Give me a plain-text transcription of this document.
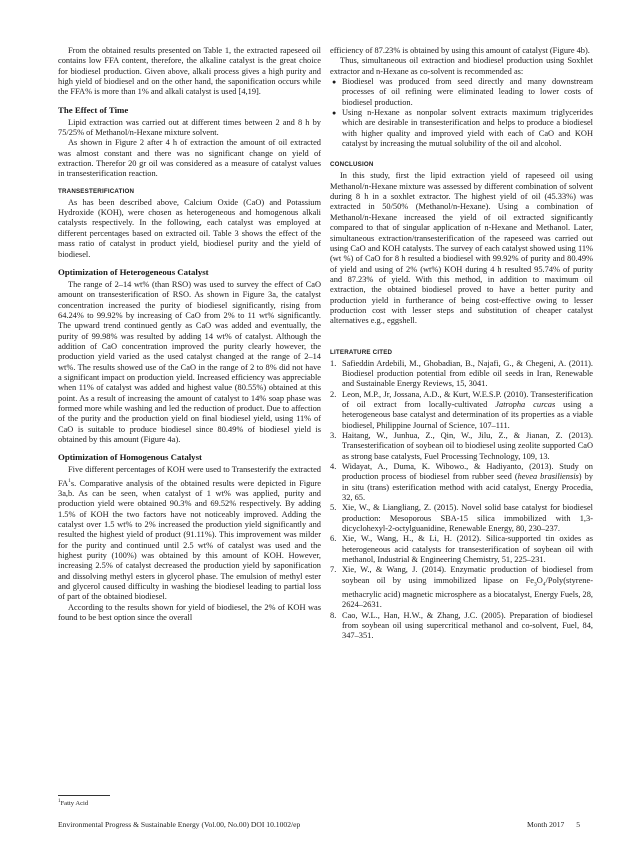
From the obtained results presented on Table 1, the extracted rapeseed oil contains low FFA content, therefore, the alkaline catalyst is the great choice for biodiesel production. Given above, alkali process gives a high purity and high yield of biodiesel and on the other hand, the saponification occurs while the FFA% is more than 1% and alkali catalyst is used [4,19].

The Effect of Time

Lipid extraction was carried out at different times between 2 and 8 h by 75/25% of Methanol/n-Hexane mixture solvent.

As shown in Figure 2 after 4 h of extraction the amount of oil extracted was almost constant and there was no significant change on yield of extraction. Therefor 20 gr oil was considered as a measure of catalyst values in transesterification reaction.

TRANSESTERIFICATION

As has been described above, Calcium Oxide (CaO) and Potassium Hydroxide (KOH), were chosen as heterogeneous and homogenous alkali catalysts respectively. In the following, each catalyst was employed at different percentages based on extracted oil. Table 3 shows the effect of the mass ratio of catalyst in product yield, biodiesel purity and the yield of biodiesel.

Optimization of Heterogeneous Catalyst

The range of 2–14 wt% (than RSO) was used to survey the effect of CaO amount on transesterification of RSO. As shown in Figure 3a, the catalyst concentration increased the purity of biodiesel significantly, rising from 64.24% to 99.92% by increasing of CaO from 2% to 11 wt% significantly. The upward trend continued gently as CaO was added and eventually, the purity of 99.98% was resulted by adding 14 wt% of catalyst. Although the addition of CaO concentration improved the purity clearly however, the production yield varied as the used catalyst changed at the range of 2–14 wt%. The results showed use of the CaO in the range of 2 to 8% did not have a significant impact on production yield. Increased efficiency was appreciable when 11% of catalyst was added and highest value (80.55%) obtained at this point. As a result of increasing the amount of catalyst to 14% soap phase was formed more while washing and led the reduction of product. Due to affection of the purity and the production yield on final biodiesel yield, using 11% of CaO is suitable to produce biodiesel since 80.49% of biodiesel yield is obtained by this amount (Figure 4a).

Optimization of Homogenous Catalyst

Five different percentages of KOH were used to Transesterify the extracted $FA^1s$. Comparative analysis of the obtained results were depicted in Figure 3a,b. As can be seen, when catalyst of 1 wt% was applied, purity and production yield were obtained 90.3% and 69.52% respectively. By adding 1.5% of KOH the two factors have not noticeably improved. Adding the catalyst over 1.5 wt% to 2% increased the production yield significantly and resulted the highest yield of product (91.11%). This improvement was milder for the purity and continued until 2.5 wt% of catalyst was used and the highest purity (100%) was obtained by this amount of KOH. However, increasing 2.5% of catalyst decreased the production yield by saponification and dissolving methyl esters in glycerol phase. The emulsion of methyl ester and glycerol caused difficulty in washing the biodiesel leading to partial loss of part of the obtained biodiesel.

According to the results shown for yield of biodiesel, the 2% of KOH was found to be best option since the overall

$^1$Fatty Acid

efficiency of 87.23% is obtained by using this amount of catalyst (Figure 4b).

Thus, simultaneous oil extraction and biodiesel production using Soxhlet extractor and n-Hexane as co-solvent is recommended as:

● Biodiesel was produced from seed directly and many downstream processes of oil refining were eliminated leading to lower costs of biodiesel production.
● Using n-Hexane as nonpolar solvent extracts maximum triglycerides which are desirable in transesterification and helps to produce a biodiesel with higher quality and improved yield with each of CaO and KOH catalyst by increasing the mutual solubility of the oil and alcohol.
CONCLUSION

In this study, first the lipid extraction yield of rapeseed oil using Methanol/n-Hexane mixture was assessed by different combination of solvent during 8 h in a soxhlet extractor. The highest yield of oil (45.33%) was extracted in 50/50% (Methanol/n-Hexane). Using a combination of Methanol/n-Hexane increased the yield of oil extracted significantly compared to that of singular application of n-Hexane and Methanol. Later, simultaneous extraction/transesterification of the rapeseed was carried out using CaO and KOH catalysts. The survey of each catalyst showed using 11% (wt %) of CaO for 8 h resulted a biodiesel with 99.92% of purity and 80.49% of yield and using of 2% (wt%) KOH during 4 h resulted 95.74% of purity and 87.23% of yield. With this method, in addition to maximum oil extraction, the obtained biodiesel proved to have a better purity and production yield in furtherance of being cost-effective owing to lesser production cost with lesser steps and substitution of cheaper catalyst alternatives e.g., eggshell.

LITERATURE CITED
1. Safieddin Ardebili, M., Ghobadian, B., Najafi, G., & Chegeni, A. (2011). Biodiesel production potential from edible oil seeds in Iran, Renewable and Sustainable Energy Reviews, 15, 3041.
2. Leon, M.P., Jr, Jossana, A.D., & Kurt, W.E.S.P. (2010). Transesterification of oil extract from locally-cultivated Jatropha curcas using a heterogeneous base catalyst and determination of its properties as a viable biodiesel, Philippine Journal of Science, 107–111.
3. Haitang, W., Junhua, Z., Qin, W., Jilu, Z., & Jianan, Z. (2013). Transesterification of soybean oil to biodiesel using zeolite supported CaO as strong base catalysts, Fuel Processing Technology, 109, 13.
4. Widayat, A., Duma, K. Wibowo., & Hadiyanto, (2013). Study on production process of biodiesel from rubber seed (hevea brasiliensis) by in situ (trans) esterification method with acid catalyst, Energy Procedia, 32, 65.
5. Xie, W., & Liangliang, Z. (2015). Novel solid base catalyst for biodiesel production: Mesoporous SBA-15 silica immobilized with 1,3-dicyclohexyl-2-octylguanidine, Renewable Energy, 80, 230–237.
6. Xie, W., Wang, H., & Li, H. (2012). Silica-supported tin oxides as heterogeneous acid catalysts for transesterification of soybean oil with methanol, Industrial & Engineering Chemistry, 51, 225–231.
7. Xie, W., & Wang, J. (2014). Enzymatic production of biodiesel from soybean oil by using immobilized lipase on $Fe_3O_4/Poly(styrene$-methacrylic acid) magnetic microsphere as a biocatalyst, Energy Fuels, 28, 2624–2631.
8. Cao, W.L., Han, H.W., & Zhang, J.C. (2005). Preparation of biodiesel from soybean oil using supercritical methanol and co-solvent, Fuel, 84, 347–351.
Environmental Progress & Sustainable Energy (Vol.00, No.00) DOI 10.1002/ep	Month 2017	5
